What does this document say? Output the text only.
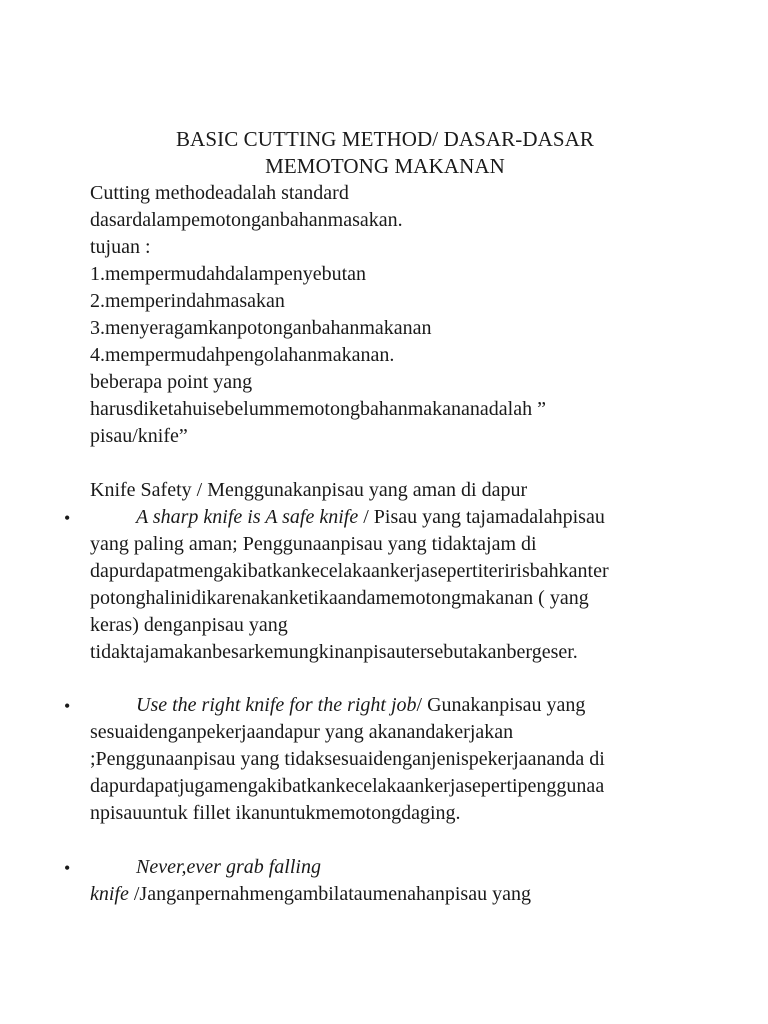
BASIC CUTTING METHOD/ DASAR-DASAR
MEMOTONG MAKANAN
Cutting methodeadalah standard
dasardalampemotonganbahanmasakan.
tujuan :
1.mempermudahdalampenyebutan
2.memperindahmasakan
3.menyeragamkanpotonganbahanmakanan
4.mempermudahpengolahanmakanan.
beberapa point yang
harusdiketahuisebelummemotongbahanmakananadalah ”
pisau/knife”
Knife Safety / Menggunakanpisau yang aman di dapur
•	A sharp knife is A safe knife / Pisau yang tajamadalahpisau
yang paling aman; Penggunaanpisau yang tidaktajam di
dapurdapatmengakibatkankecelakaankerjasepertiteririsbahkanter
potonghalinidikarenakanketikaandamemotongmakanan ( yang
keras) denganpisau yang
tidaktajamakanbesarkemungkinanpisautersebutakanbergeser.
•	Use the right knife for the right job/ Gunakanpisau yang
sesuaidenganpekerjaandapur yang akanandakerjakan
;Penggunaanpisau yang tidaksesuaidenganjenispekerjaananda di
dapurdapatjugamengakibatkankecelakaankerjasepertipenggunaa
npisauuntuk fillet ikanuntukmemotongdaging.
•	Never,ever grab falling
knife /Janganpernahmengambilataumenahanpisau yang
